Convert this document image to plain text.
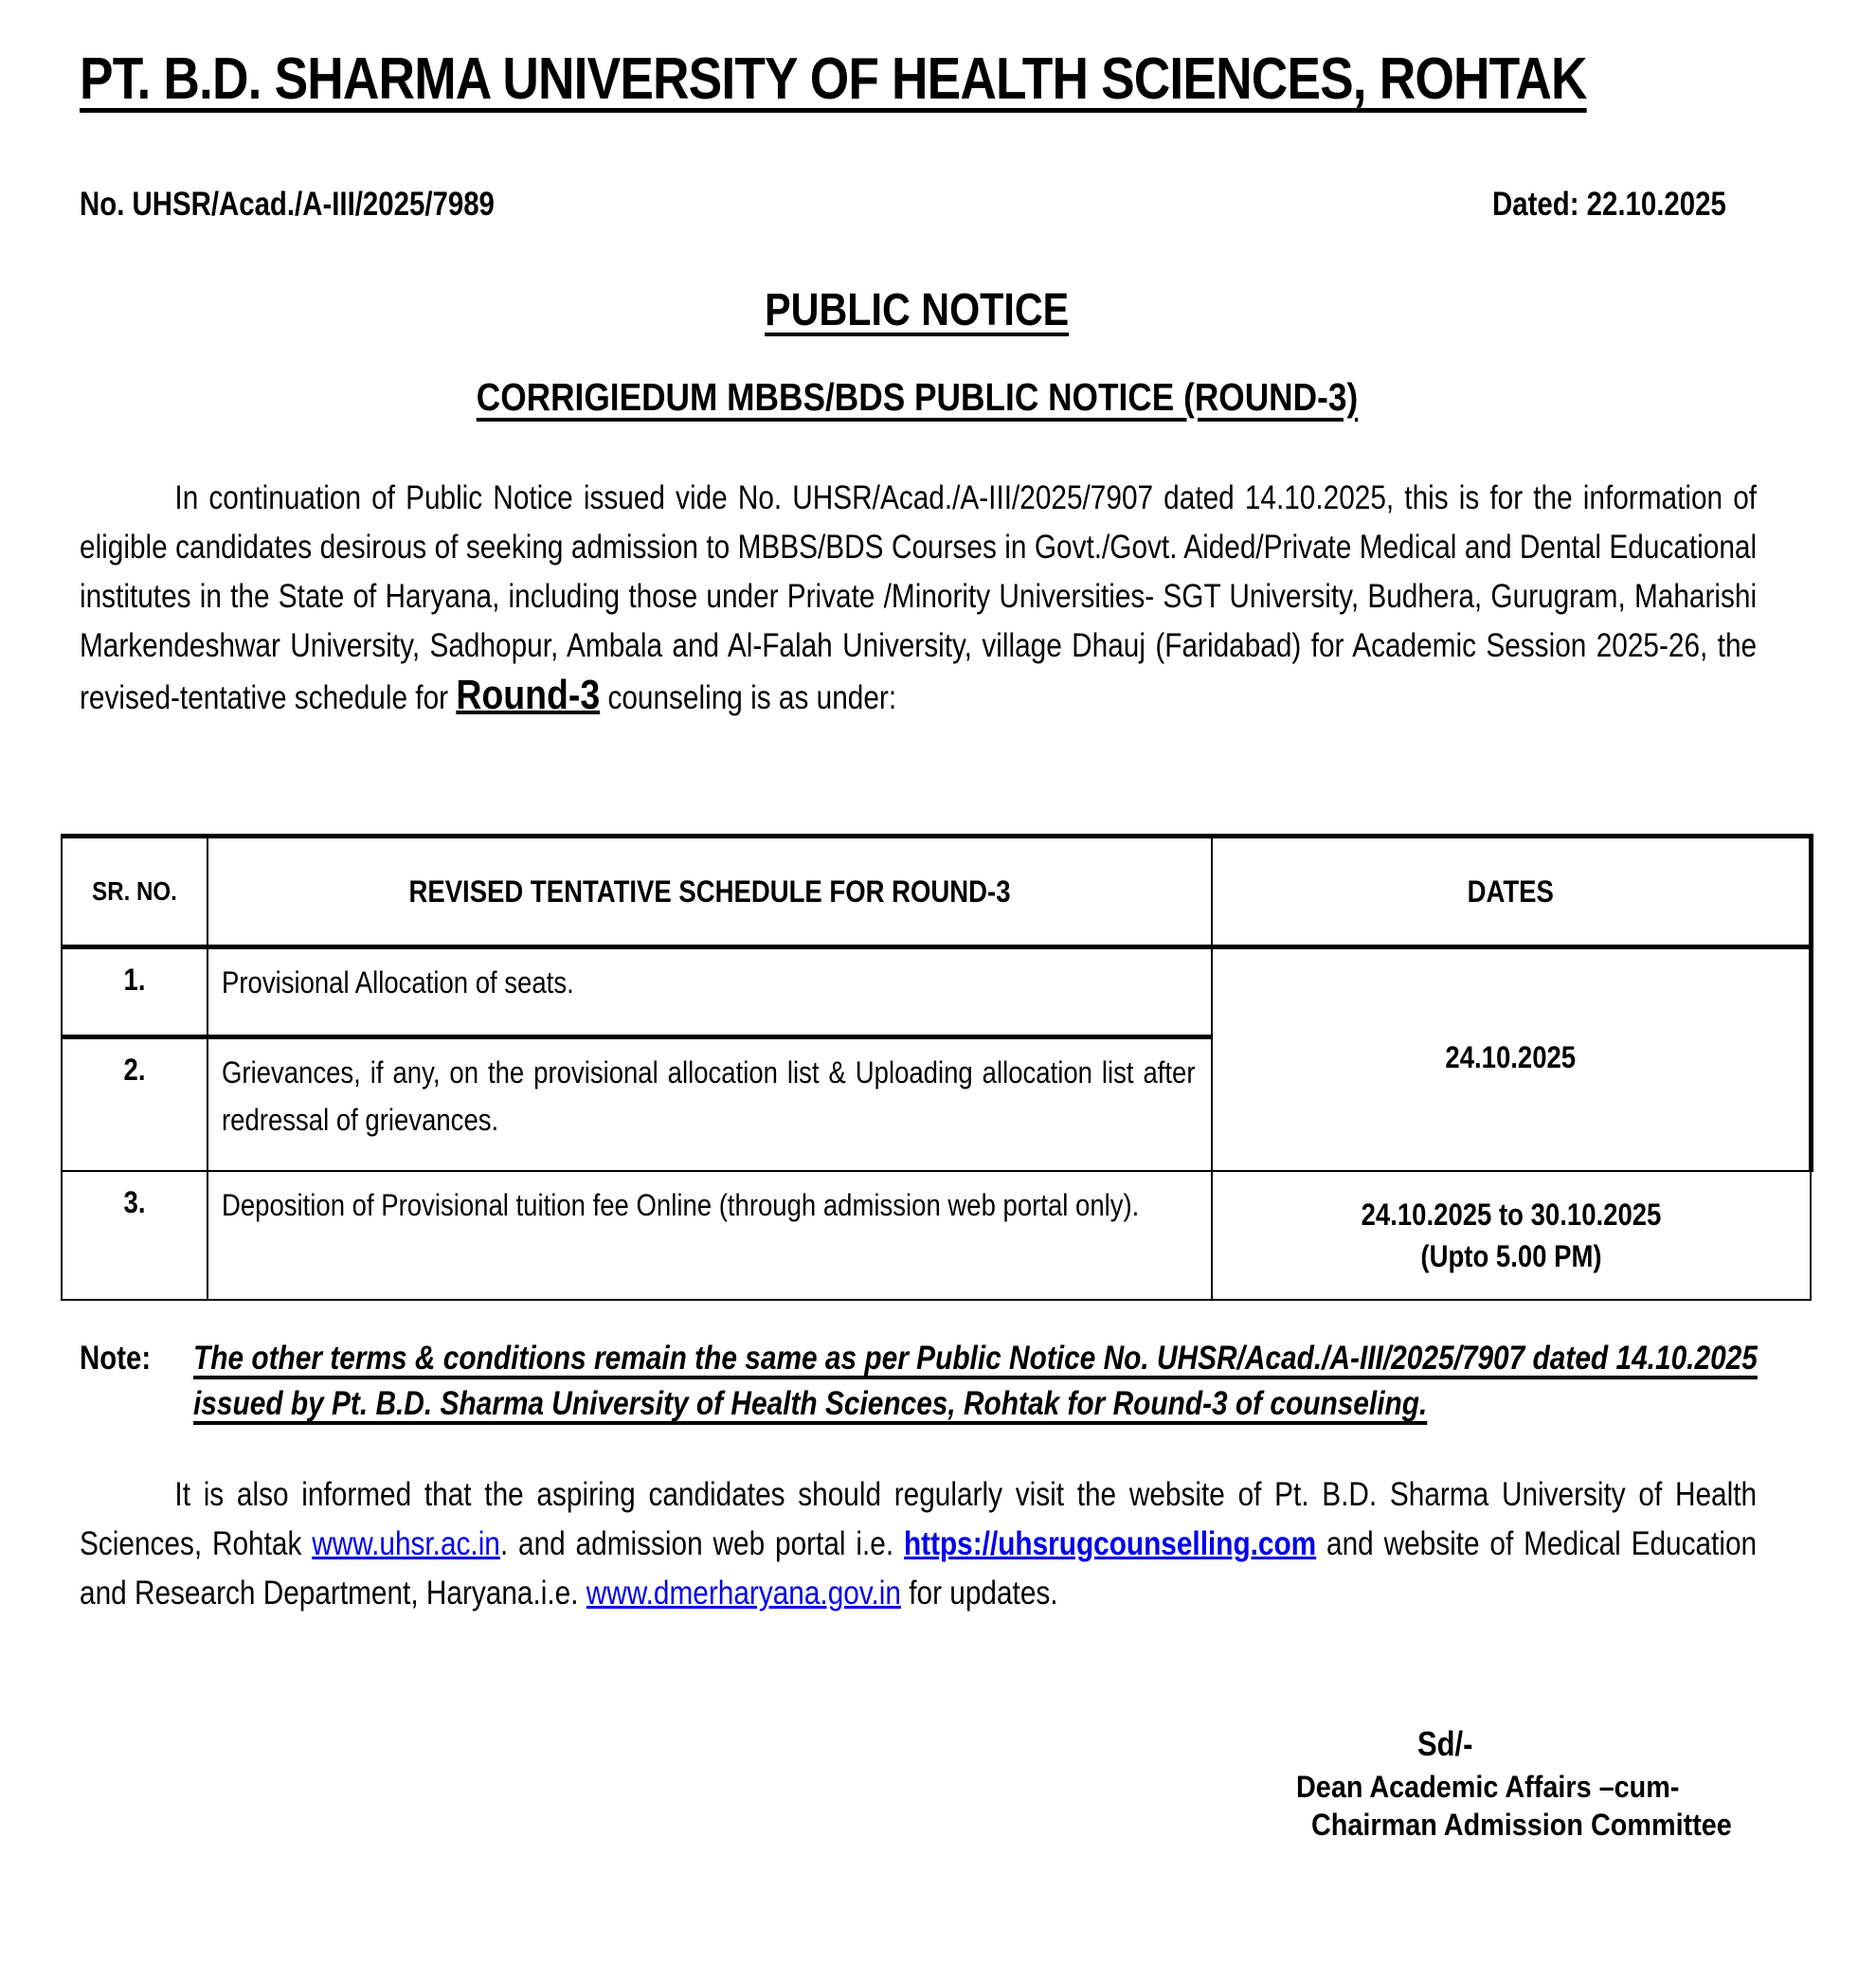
PT. B.D. SHARMA UNIVERSITY OF HEALTH SCIENCES, ROHTAK
No. UHSR/Acad./A-III/2025/7989	Dated: 22.10.2025
PUBLIC NOTICE
CORRIGIEDUM MBBS/BDS PUBLIC NOTICE (ROUND-3)
In continuation of Public Notice issued vide No. UHSR/Acad./A-III/2025/7907 dated 14.10.2025, this is for the information of eligible candidates desirous of seeking admission to MBBS/BDS Courses in Govt./Govt. Aided/Private Medical and Dental Educational institutes in the State of Haryana, including those under Private /Minority Universities- SGT University, Budhera, Gurugram, Maharishi Markendeshwar University, Sadhopur, Ambala and Al-Falah University, village Dhauj (Faridabad) for Academic Session 2025-26, the revised-tentative schedule for Round-3 counseling is as under:
SR. NO.	REVISED TENTATIVE SCHEDULE FOR ROUND-3	DATES

1.	Provisional Allocation of seats.	24.10.2025

2.	Grievances, if any, on the provisional allocation list & Uploading allocation list after redressal of grievances.	

3.	Deposition of Provisional tuition fee Online (through admission web portal only).	24.10.2025 to 30.10.2025
(Upto 5.00 PM)
Note: The other terms & conditions remain the same as per Public Notice No. UHSR/Acad./A-III/2025/7907 dated 14.10.2025 issued by Pt. B.D. Sharma University of Health Sciences, Rohtak for Round-3 of counseling.
It is also informed that the aspiring candidates should regularly visit the website of Pt. B.D. Sharma University of Health Sciences, Rohtak www.uhsr.ac.in. and admission web portal i.e. https://uhsrugcounselling.com and website of Medical Education and Research Department, Haryana.i.e. www.dmerharyana.gov.in for updates.
Sd/-
Dean Academic Affairs –cum-
Chairman Admission Committee
